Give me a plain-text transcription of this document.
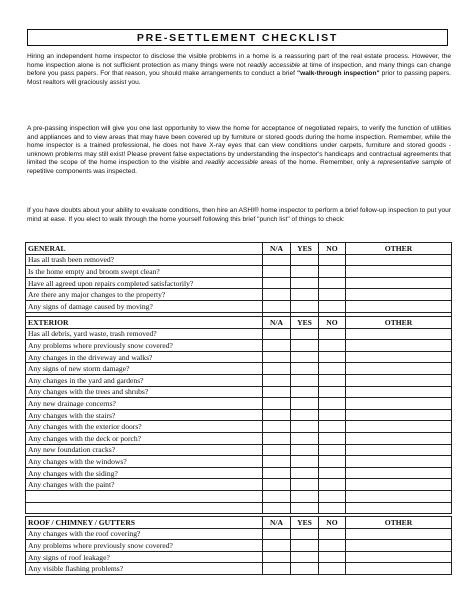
PRE-SETTLEMENT CHECKLIST
Hiring an independent home inspector to disclose the visible problems in a home is a reassuring part of the real estate process. However, the home inspection alone is not sufficient protection as many things were not readily accessible at time of inspection, and many things can change before you pass papers. For that reason, you should make arrangements to conduct a brief "walk-through inspection" prior to passing papers. Most realtors will graciously assist you.
A pre-passing inspection will give you one last opportunity to view the home for acceptance of negotiated repairs, to verify the function of utilities and appliances and to view areas that may have been covered up by furniture or stored goods during the home inspection. Remember, while the home inspector is a trained professional, he does not have X-ray eyes that can view conditions under carpets, furniture and stored goods - unknown problems may still exist! Please prevent false expectations by understanding the inspector's handicaps and contractual agreements that limited the scope of the home inspection to the visible and readily accessible areas of the home. Remember, only a representative sample of repetitive components was inspected.
If you have doubts about your ability to evaluate conditions, then hire an ASHI® home inspector to perform a brief follow-up inspection to put your mind at ease. If you elect to walk through the home yourself following this brief "punch list" of things to check:
GENERAL	N/A	YES	NO	OTHER
Has all trash been removed?				
Is the home empty and broom swept clean?				
Have all agreed upon repairs completed satisfactorily?				
Are there any major changes to the property?				
Any signs of damage caused by moving?				

EXTERIOR	N/A	YES	NO	OTHER
Has all debris, yard waste, trash removed?				
Any problems where previously snow covered?				
Any changes in the driveway and walks?				
Any signs of new storm damage?				
Any changes in the yard and gardens?				
Any changes with the trees and shrubs?				
Any new drainage concerns?				
Any changes with the stairs?				
Any changes with the exterior doors?				
Any changes with the deck or porch?				
Any new foundation cracks?				
Any changes with the windows?				
Any changes with the siding?				
Any changes with the paint?				

ROOF / CHIMNEY / GUTTERS	N/A	YES	NO	OTHER
Any changes with the roof covering?				
Any problems where previously snow covered?				
Any signs of roof leakage?				
Any visible flashing problems?				
